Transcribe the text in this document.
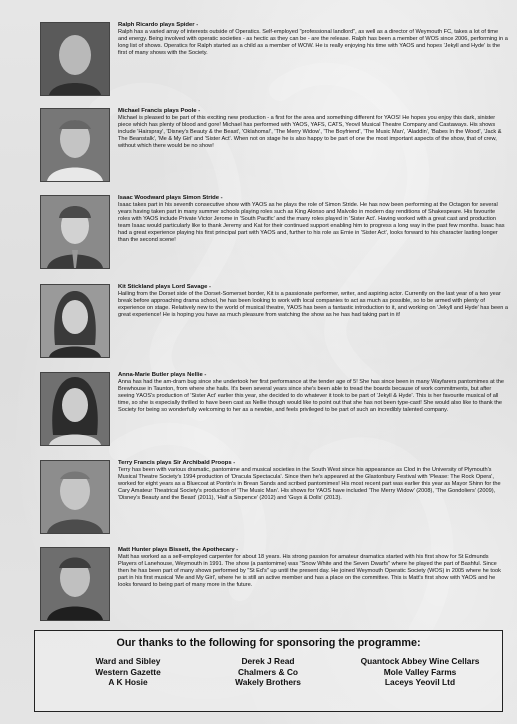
Ralph Ricardo plays Spider -

Ralph has a varied array of interests outside of Operatics. Self-employed "professional landlord", as well as a director of Weymouth FC, takes a lot of time and energy. Being involved with operatic societies - as hectic as they can be - are the release. Ralph has been a member of WOS since 2006, performing in a long list of shows. Operatics for Ralph started as a child as a member of WOW. He is really enjoying his time with YAOS and hopes 'Jekyll and Hyde' is the first of many shows with the Society.

Michael Francis plays Poole -

Michael is pleased to be part of this exciting new production - a first for the area and something different for YAOS! He hopes you enjoy this dark, sinister piece which has plenty of blood and gore! Michael has performed with YAOS, YAFS, CATS, Yeovil Musical Theatre Company and Castaways. His shows include 'Hairspray', 'Disney's Beauty & the Beast', 'Oklahoma!', 'The Merry Widow', 'The Boyfriend', 'The Music Man', 'Aladdin', 'Babes In the Wood', 'Jack & The Beanstalk', 'Me & My Girl' and 'Sister Act'. When not on stage he is also happy to be part of one the most important aspects of the show, that of crew, without which there would be no show!

Isaac Woodward plays Simon Stride -

Isaac takes part in his seventh consecutive show with YAOS as he plays the role of Simon Stride. He has now been performing at the Octagon for several years having taken part in many summer schools playing roles such as King Alonso and Malvolio in modern day renditions of Shakespeare. His favourite roles with YAOS include Private Victor Jerome in 'South Pacific' and the many roles played in 'Sister Act'. Having worked with a great cast and production team Isaac would particularly like to thank Jeremy and Kat for their continued support enabling him to progress a long way in the past few months. Isaac has had a great experience playing his first principal part with YAOS and, further to his role as Ernie in 'Sister Act', looks forward to his character lasting longer than the second scene!

Kit Stickland plays Lord Savage -

Hailing from the Dorset side of the Dorset-Somerset border, Kit is a passionate performer, writer, and aspiring actor. Currently on the last year of a two year break before approaching drama school, he has been looking to work with local companies to act as much as possible, so to be armed with plenty of experience on stage. Relatively new to the world of musical theatre, YAOS has been a fantastic introduction to it, and working on 'Jekyll and Hyde' has been a great experience! He is hoping you have as much pleasure from watching the show as he has had taking part in it!

Anna-Marie Butler plays Nellie -

Anna has had the am-dram bug since she undertook her first performance at the tender age of 5! She has since been in many Wayfarers pantomimes at the Brewhouse in Taunton, from where she hails. It's been several years since she's been able to tread the boards because of work commitments, but after seeing YAOS's production of 'Sister Act' earlier this year, she decided to do whatever it took to be part of 'Jekyll & Hyde'. This is her favourite musical of all time, so she is especially thrilled to have been cast as Nellie though would like to point out that she has not been type-cast! She would also like to thank the Society for being so wonderfully welcoming to her as a newbie, and feels privileged to be part of such an incredibly talented company.

Terry Francis plays Sir Archibald Proops -

Terry has been with various dramatic, pantomime and musical societies in the South West since his appearance as Clod in the University of Plymouth's Musical Theatre Society's 1994 production of 'Dracula Spectacula'. Since then he's appeared at the Glastonbury Festival with 'Please: The Rock Opera', worked for eight years as a Bluecoat at Pontin's in Brean Sands and scribed pantomimes! His most recent part was earlier this year as Mayor Shinn for the Cary Amateur Theatrical Society's production of 'The Music Man'. His shows for YAOS have included 'The Merry Widow' (2008), 'The Gondoliers' (2009), 'Disney's Beauty and the Beast' (2011), 'Half a Sixpence' (2012) and 'Guys & Dolls' (2013).

Matt Hunter plays Bissett, the Apothecary -

Matt has worked as a self-employed carpenter for about 18 years. His strong passion for amateur dramatics started with his first show for St Edmunds Players of Lanehouse, Weymouth in 1991. The show (a pantomime) was "Snow White and the Seven Dwarfs" where he played the part of Bashful. Since then he has been part of many shows performed by "St Ed's" up until the present day. He joined Weymouth Operatic Society (WOS) in 2005 where he took part in his first musical 'Me and My Girl', where he is still an active member and has a place on the committee. This is Matt's first show with YAOS and he looks forward to being part of many more in the future.

Our thanks to the following for sponsoring the programme:

Ward and Sibley
Western Gazette
A K Hosie
Derek J Read
Chalmers & Co
Wakely Brothers
Quantock Abbey Wine Cellars
Mole Valley Farms
Laceys Yeovil Ltd
